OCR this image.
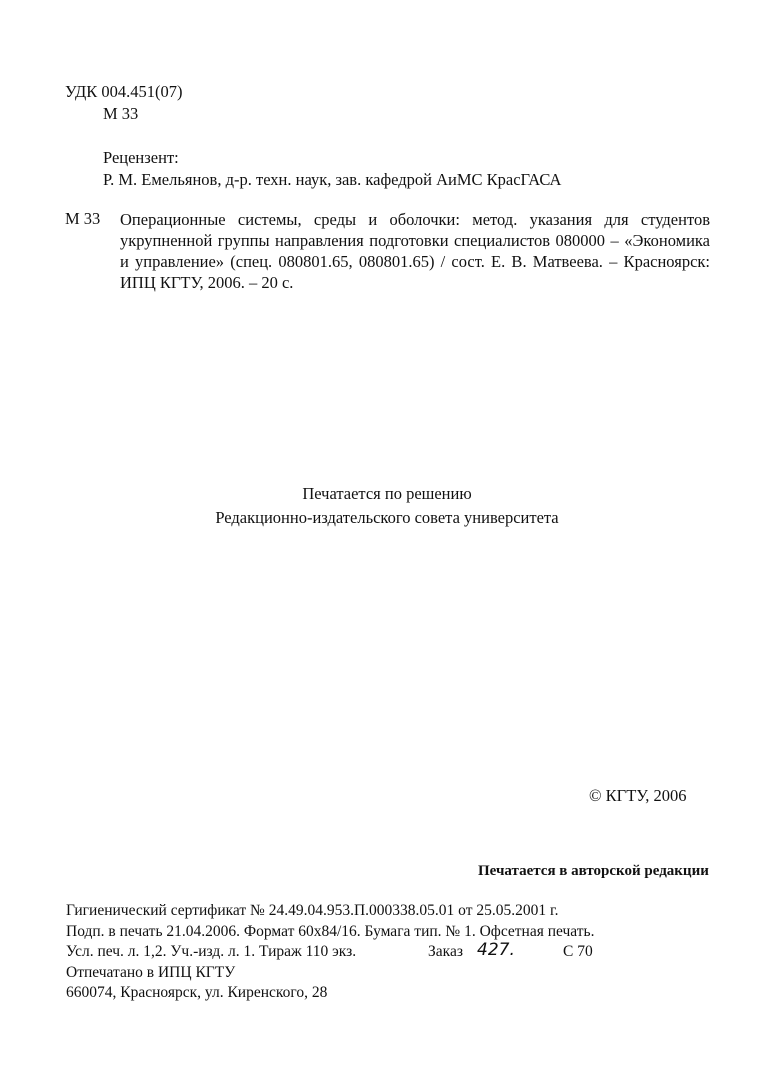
УДК 004.451(07)
М 33
Рецензент:
Р. М. Емельянов, д-р. техн. наук, зав. кафедрой АиМС КрасГАСА
М 33 Операционные системы, среды и оболочки: метод. указания для студентов укрупненной группы направления подготовки специалистов 080000 – «Экономика и управление» (спец. 080801.65, 080801.65) / сост. Е. В. Матвеева. – Красноярск: ИПЦ КГТУ, 2006. – 20 с.
Печатается по решению
Редакционно-издательского совета университета
© КГТУ, 2006
Печатается в авторской редакции
Гигиенический сертификат № 24.49.04.953.П.000338.05.01 от 25.05.2001 г.
Подп. в печать 21.04.2006. Формат 60x84/16. Бумага тип. № 1. Офсетная печать.
Усл. печ. л. 1,2. Уч.-изд. л. 1. Тираж 110 экз.	Заказ 427.	С 70
Отпечатано в ИПЦ КГТУ
660074, Красноярск, ул. Киренского, 28
